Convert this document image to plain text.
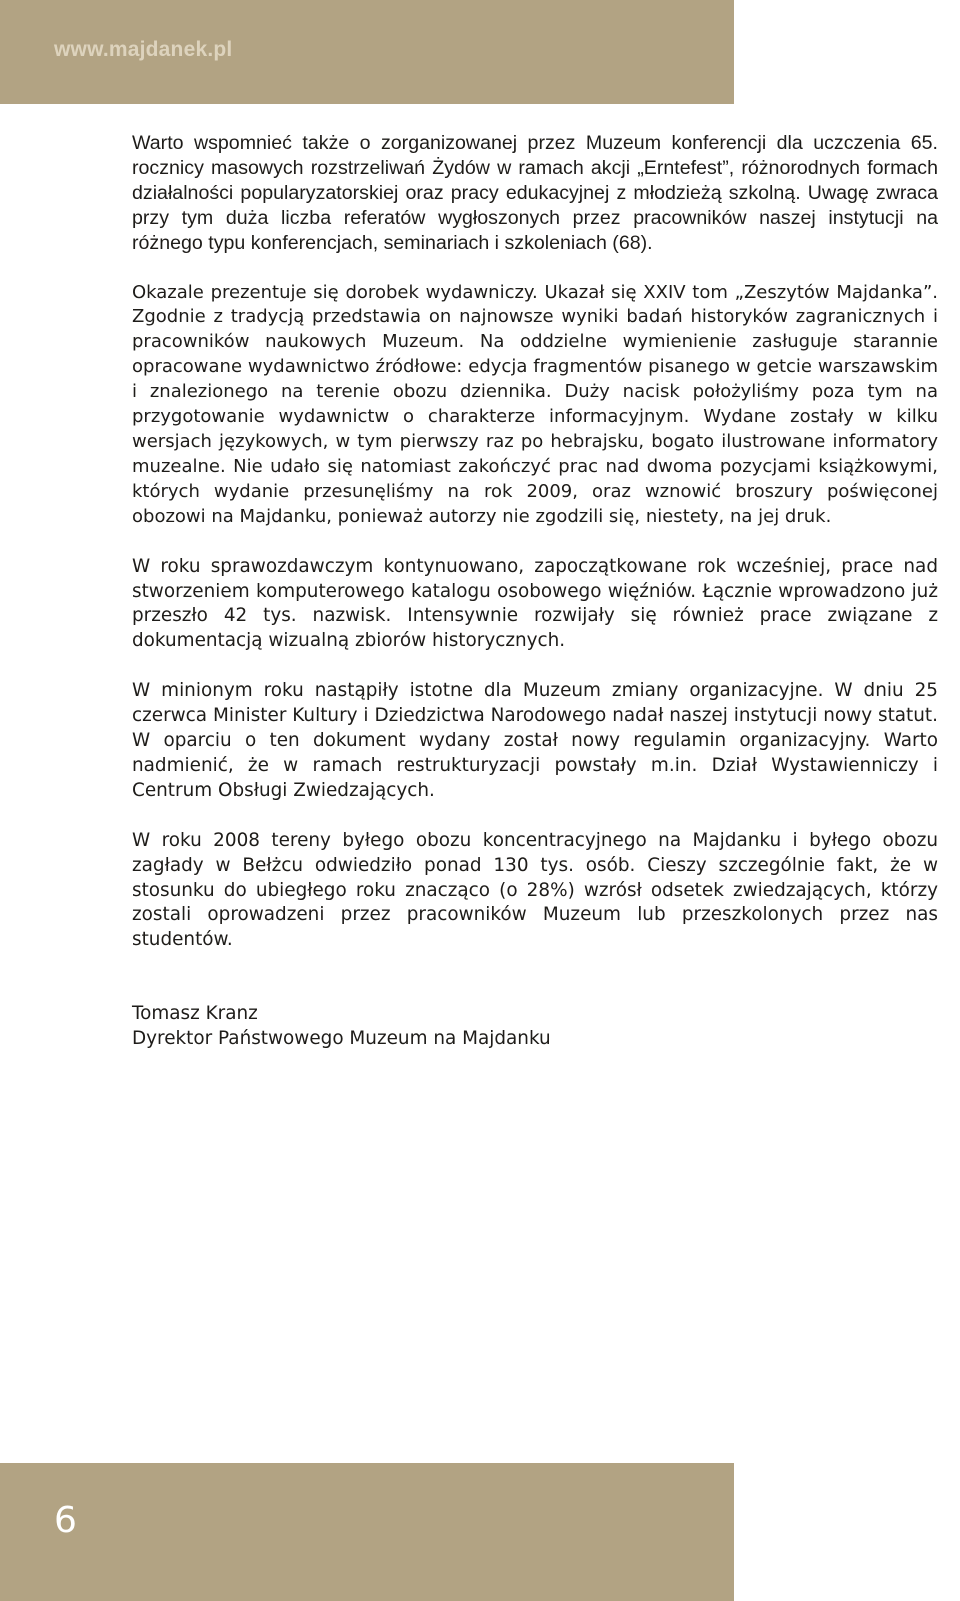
www.majdanek.pl

Warto wspomnieć także o zorganizowanej przez Muzeum konferencji dla uczczenia 65. rocznicy masowych rozstrzeliwań Żydów w ramach akcji „Erntefest”, różnorodnych formach działalności popularyzatorskiej oraz pracy edukacyjnej z młodzieżą szkolną. Uwagę zwraca przy tym duża liczba referatów wygłoszonych przez pracowników naszej instytucji na różnego typu konferencjach, seminariach i szkoleniach (68).

Okazale prezentuje się dorobek wydawniczy. Ukazał się XXIV tom „Zeszytów Majdanka”. Zgodnie z tradycją przedstawia on najnowsze wyniki badań historyków zagranicznych i pracowników naukowych Muzeum. Na oddzielne wymienienie zasługuje starannie opracowane wydawnictwo źródłowe: edycja fragmentów pisanego w getcie warszawskim i znalezionego na terenie obozu dziennika. Duży nacisk położyliśmy poza tym na przygotowanie wydawnictw o charakterze informacyjnym. Wydane zostały w kilku wersjach językowych, w tym pierwszy raz po hebrajsku, bogato ilustrowane informatory muzealne. Nie udało się natomiast zakończyć prac nad dwoma pozycjami książkowymi, których wydanie przesunęliśmy na rok 2009, oraz wznowić broszury poświęconej obozowi na Majdanku, ponieważ autorzy nie zgodzili się, niestety, na jej druk.

W roku sprawozdawczym kontynuowano, zapoczątkowane rok wcześniej, prace nad stworzeniem komputerowego katalogu osobowego więźniów. Łącznie wprowadzono już przeszło 42 tys. nazwisk. Intensywnie rozwijały się również prace związane z dokumentacją wizualną zbiorów historycznych.

W minionym roku nastąpiły istotne dla Muzeum zmiany organizacyjne. W dniu 25 czerwca Minister Kultury i Dziedzictwa Narodowego nadał naszej instytucji nowy statut. W oparciu o ten dokument wydany został nowy regulamin organizacyjny. Warto nadmienić, że w ramach restrukturyzacji powstały m.in. Dział Wystawienniczy i Centrum Obsługi Zwiedzających.

W roku 2008 tereny byłego obozu koncentracyjnego na Majdanku i byłego obozu zagłady w Bełżcu odwiedziło ponad 130 tys. osób. Cieszy szczególnie fakt, że w stosunku do ubiegłego roku znacząco (o 28%) wzrósł odsetek zwiedzających, którzy zostali oprowadzeni przez pracowników Muzeum lub przeszkolonych przez nas studentów.

Tomasz Kranz
Dyrektor Państwowego Muzeum na Majdanku
6
